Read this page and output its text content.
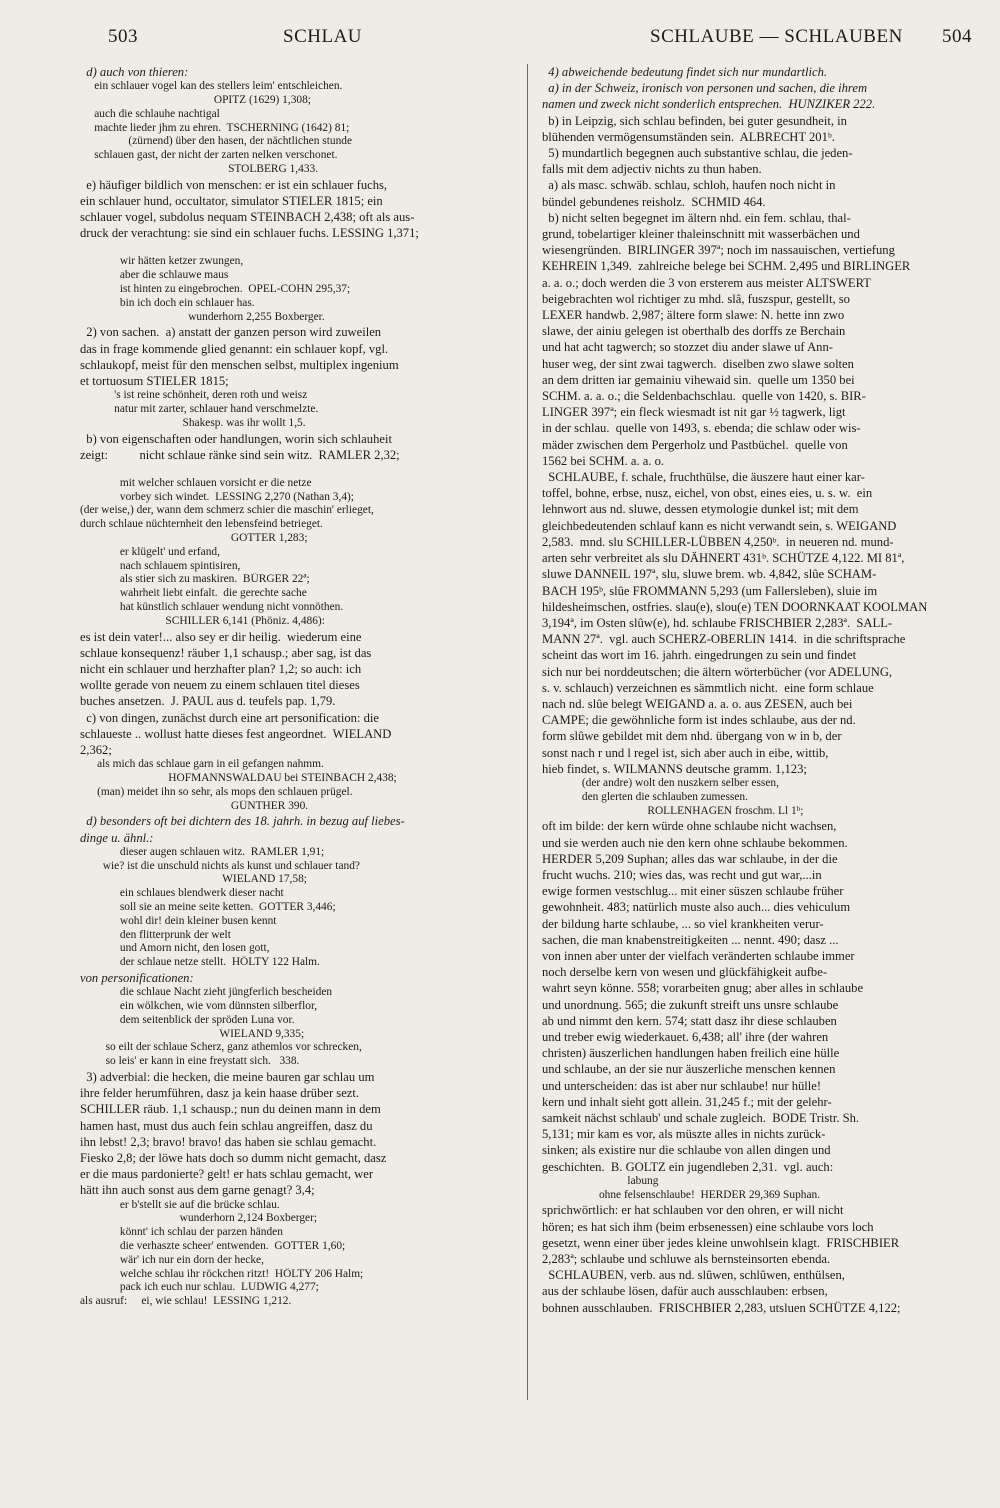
503	SCHLAU	SCHLAUBE — SCHLAUBEN 504
d) auch von thieren:
ein schlauer vogel kan des stellers leim' entschleichen.
OPITZ (1629) 1,308;
auch die schlauhe nachtigal
machte lieder jhm zu ehren.  TSCHERNING (1642) 81;
(zürnend) über den hasen, der nächtlichen stunde
schlauen gast, der nicht der zarten nelken verschonet.
STOLBERG 1,433.
e) häufiger bildlich von menschen: er ist ein schlauer fuchs,
ein schlauer hund, occultator, simulator STIELER 1815; ein
schlauer vogel, subdolus nequam STEINBACH 2,438; oft als aus-
druck der verachtung: sie sind ein schlauer fuchs. LESSING 1,371;

wir hätten ketzer zwungen,
aber die schlauwe maus
ist hinten zu eingebrochen.  OPEL-COHN 295,37;
bin ich doch ein schlauer has.
wunderhorn 2,255 Boxberger.
2) von sachen.  a) anstatt der ganzen person wird zuweilen
das in frage kommende glied genannt: ein schlauer kopf, vgl.
schlaukopf, meist für den menschen selbst, multiplex ingenium
et tortuosum STIELER 1815;
's ist reine schönheit, deren roth und weisz
natur mit zarter, schlauer hand verschmelzte.
Shakesp. was ihr wollt 1,5.
b) von eigenschaften oder handlungen, worin sich schlauheit
zeigt:          nicht schlaue ränke sind sein witz.  RAMLER 2,32;

mit welcher schlauen vorsicht er die netze
vorbey sich windet.  LESSING 2,270 (Nathan 3,4);
(der weise,) der, wann dem schmerz schier die maschin' erlieget,
durch schlaue nüchternheit den lebensfeind betrieget.
GOTTER 1,283;
er klügelt' und erfand,
nach schlauem spintisiren,
als stier sich zu maskiren.  BÜRGER 22ª;
wahrheit liebt einfalt.  die gerechte sache
hat künstlich schlauer wendung nicht vonnöthen.
SCHILLER 6,141 (Phöniz. 4,486):
es ist dein vater!... also sey er dir heilig.  wiederum eine
schlaue konsequenz! räuber 1,1 schausp.; aber sag, ist das
nicht ein schlauer und herzhafter plan? 1,2; so auch: ich
wollte gerade von neuem zu einem schlauen titel dieses
buches ansetzen.  J. PAUL aus d. teufels pap. 1,79.
c) von dingen, zunächst durch eine art personification: die
schlaueste .. wollust hatte dieses fest angeordnet.  WIELAND
2,362;
als mich das schlaue garn in eil gefangen nahmm.
HOFMANNSWALDAU bei STEINBACH 2,438;
(man) meidet ihn so sehr, als mops den schlauen prügel.
GÜNTHER 390.
d) besonders oft bei dichtern des 18. jahrh. in bezug auf liebes-
dinge u. ähnl.:
dieser augen schlauen witz.  RAMLER 1,91;
wie? ist die unschuld nichts als kunst und schlauer tand?
WIELAND 17,58;
ein schlaues blendwerk dieser nacht
soll sie an meine seite ketten.  GOTTER 3,446;
wohl dir! dein kleiner busen kennt
den flitterprunk der welt
und Amorn nicht, den losen gott,
der schlaue netze stellt.  HÖLTY 122 Halm.
von personificationen:
die schlaue Nacht zieht jüngferlich bescheiden
ein wölkchen, wie vom dünnsten silberflor,
dem seitenblick der spröden Luna vor.
WIELAND 9,335;
so eilt der schlaue Scherz, ganz athemlos vor schrecken,
so leis' er kann in eine freystatt sich.   338.
3) adverbial: die hecken, die meine bauren gar schlau um
ihre felder herumführen, dasz ja kein haase drüber sezt.
SCHILLER räub. 1,1 schausp.; nun du deinen mann in dem
hamen hast, must dus auch fein schlau angreiffen, dasz du
ihn lebst! 2,3; bravo! bravo! das haben sie schlau gemacht.
Fiesko 2,8; der löwe hats doch so dumm nicht gemacht, dasz
er die maus pardonierte? gelt! er hats schlau gemacht, wer
hätt ihn auch sonst aus dem garne genagt? 3,4;
er b'stellt sie auf die brücke schlau.
wunderhorn 2,124 Boxberger;
könnt' ich schlau der parzen händen
die verhaszte scheer' entwenden.  GOTTER 1,60;
wär' ich nur ein dorn der hecke,
welche schlau ihr röckchen ritzt!  HÖLTY 206 Halm;
pack ich euch nur schlau.  LUDWIG 4,277;
als ausruf:     ei, wie schlau!  LESSING 1,212.
4) abweichende bedeutung findet sich nur mundartlich.
a) in der Schweiz, ironisch von personen und sachen, die ihrem
namen und zweck nicht sonderlich entsprechen.  HUNZIKER 222.
b) in Leipzig, sich schlau befinden, bei guter gesundheit, in
blühenden vermögensumständen sein.  ALBRECHT 201ᵇ.
5) mundartlich begegnen auch substantive schlau, die jeden-
falls mit dem adjectiv nichts zu thun haben.
a) als masc. schwäb. schlau, schloh, haufen noch nicht in
bündel gebundenes reisholz.  SCHMID 464.
b) nicht selten begegnet im ältern nhd. ein fem. schlau, thal-
grund, tobelartiger kleiner thaleinschnitt mit wasserbächen und
wiesengründen.  BIRLINGER 397ª; noch im nassauischen, vertiefung
KEHREIN 1,349.  zahlreiche belege bei SCHM. 2,495 und BIRLINGER
a. a. o.; doch werden die 3 von ersterem aus meister ALTSWERT
beigebrachten wol richtiger zu mhd. slâ, fuszspur, gestellt, so
LEXER handwb. 2,987; ältere form slawe: N. hette inn zwo
slawe, der ainiu gelegen ist oberthalb des dorffs ze Berchain
und hat acht tagwerch; so stozzet diu ander slawe uf Ann-
huser weg, der sint zwai tagwerch.  diselben zwo slawe solten
an dem dritten iar gemainiu vihewaid sin.  quelle um 1350 bei
SCHM. a. a. o.; die Seldenbachschlau.  quelle von 1420, s. BIR-
LINGER 397ª; ein fleck wiesmadt ist nit gar ½ tagwerk, ligt
in der schlau.  quelle von 1493, s. ebenda; die schlaw oder wis-
mäder zwischen dem Pergerholz und Pastbüchel.  quelle von
1562 bei SCHM. a. a. o.
SCHLAUBE, f. schale, fruchthülse, die äuszere haut einer kar-
toffel, bohne, erbse, nusz, eichel, von obst, eines eies, u. s. w.  ein
lehnwort aus nd. sluwe, dessen etymologie dunkel ist; mit dem
gleichbedeutenden schlauf kann es nicht verwandt sein, s. WEIGAND
2,583.  mnd. slu SCHILLER-LÜBBEN 4,250ᵇ.  in neueren nd. mund-
arten sehr verbreitet als slu DÄHNERT 431ᵇ. SCHÜTZE 4,122. MI 81ª,
sluwe DANNEIL 197ª, slu, sluwe brem. wb. 4,842, slûe SCHAM-
BACH 195ᵇ, slûe FROMMANN 5,293 (um Fallersleben), sluie im
hildesheimschen, ostfries. slau(e), slou(e) TEN DOORNKAAT KOOLMAN
3,194ª, im Osten slûw(e), hd. schlaube FRISCHBIER 2,283ª.  SALL-
MANN 27ª.  vgl. auch SCHERZ-OBERLIN 1414.  in die schriftsprache
scheint das wort im 16. jahrh. eingedrungen zu sein und findet
sich nur bei norddeutschen; die ältern wörterbücher (vor ADELUNG,
s. v. schlauch) verzeichnen es sämmtlich nicht.  eine form schlaue
nach nd. slûe belegt WEIGAND a. a. o. aus ZESEN, auch bei
CAMPE; die gewöhnliche form ist indes schlaube, aus der nd.
form slûwe gebildet mit dem nhd. übergang von w in b, der
sonst nach r und l regel ist, sich aber auch in eibe, wittib,
hieb findet, s. WILMANNS deutsche gramm. 1,123;
(der andre) wolt den nuszkern selber essen,
den glerten die schlauben zumessen.
ROLLENHAGEN froschm. Ll 1ᵇ;
oft im bilde: der kern würde ohne schlaube nicht wachsen,
und sie werden auch nie den kern ohne schlaube bekommen.
HERDER 5,209 Suphan; alles das war schlaube, in der die
frucht wuchs. 210; wies das, was recht und gut war,...in
ewige formen vestschlug... mit einer süszen schlaube früher
gewohnheit. 483; natürlich muste also auch... dies vehiculum
der bildung harte schlaube, ... so viel krankheiten verur-
sachen, die man knabenstreitigkeiten ... nennt. 490; dasz ...
von innen aber unter der vielfach veränderten schlaube immer
noch derselbe kern von wesen und glückfähigkeit aufbe-
wahrt seyn könne. 558; vorarbeiten gnug; aber alles in schlaube
und unordnung. 565; die zukunft streift uns unsre schlaube
ab und nimmt den kern. 574; statt dasz ihr diese schlauben
und treber ewig wiederkauet. 6,438; all' ihre (der wahren
christen) äuszerlichen handlungen haben freilich eine hülle
und schlaube, an der sie nur äuszerliche menschen kennen
und unterscheiden: das ist aber nur schlaube! nur hülle!
kern und inhalt sieht gott allein. 31,245 f.; mit der gelehr-
samkeit nächst schlaub' und schale zugleich.  BODE Tristr. Sh.
5,131; mir kam es vor, als müszte alles in nichts zurück-
sinken; als existire nur die schlaube von allen dingen und
geschichten.  B. GOLTZ ein jugendleben 2,31.  vgl. auch:
labung
ohne felsenschlaube!  HERDER 29,369 Suphan.
sprichwörtlich: er hat schlauben vor den ohren, er will nicht
hören; es hat sich ihm (beim erbsenessen) eine schlaube vors loch
gesetzt, wenn einer über jedes kleine unwohlsein klagt.  FRISCHBIER
2,283ª; schlaube und schluwe als bernsteinsorten ebenda.
SCHLAUBEN, verb. aus nd. slûwen, schlûwen, enthülsen,
aus der schlaube lösen, dafür auch ausschlauben: erbsen,
bohnen ausschlauben.  FRISCHBIER 2,283, utsluen SCHÜTZE 4,122;
